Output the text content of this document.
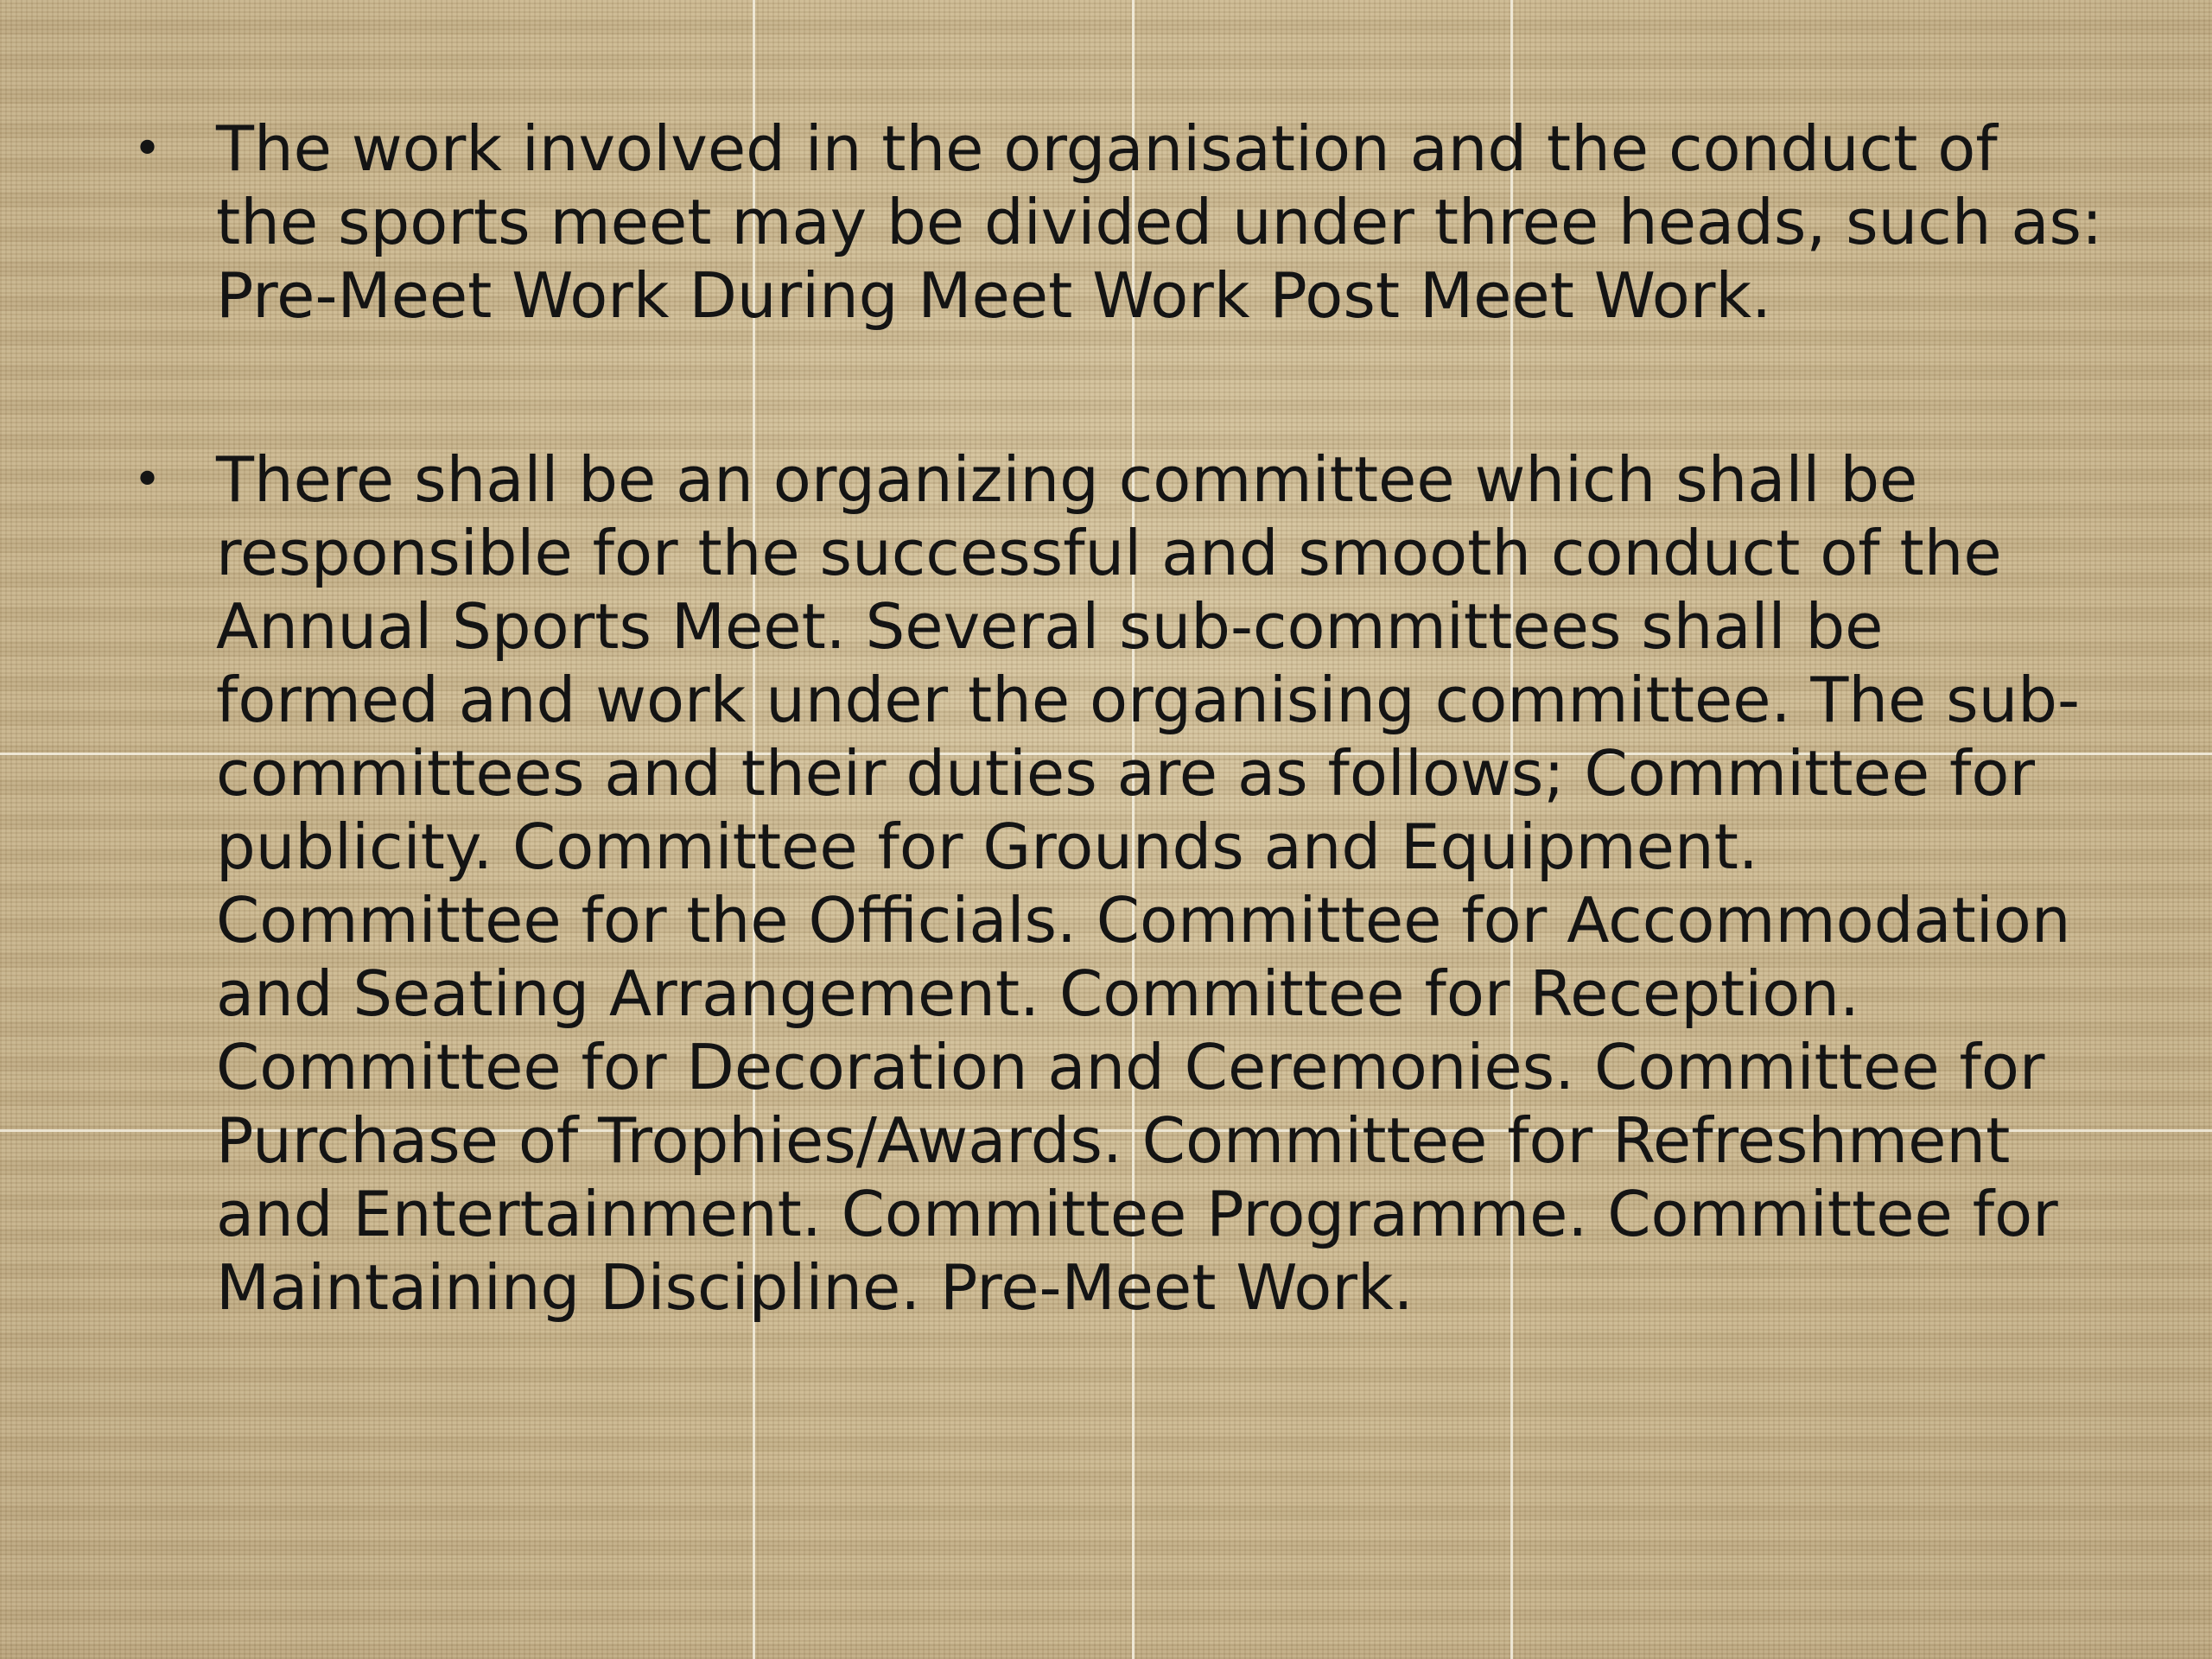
• The work involved in the organisation and the conduct of the sports meet may be divided under three heads, such as: Pre-Meet Work During Meet Work Post Meet Work.
• There shall be an organizing committee which shall be responsible for the successful and smooth conduct of the Annual Sports Meet. Several sub-committees shall be formed and work under the organising committee. The sub-committees and their duties are as follows; Committee for publicity. Committee for Grounds and Equipment. Committee for the Officials. Committee for Accommodation and Seating Arrangement. Committee for Reception. Committee for Decoration and Ceremonies. Committee for Purchase of Trophies/Awards. Committee for Refreshment and Entertainment. Committee Programme. Committee for Maintaining Discipline. Pre-Meet Work.
